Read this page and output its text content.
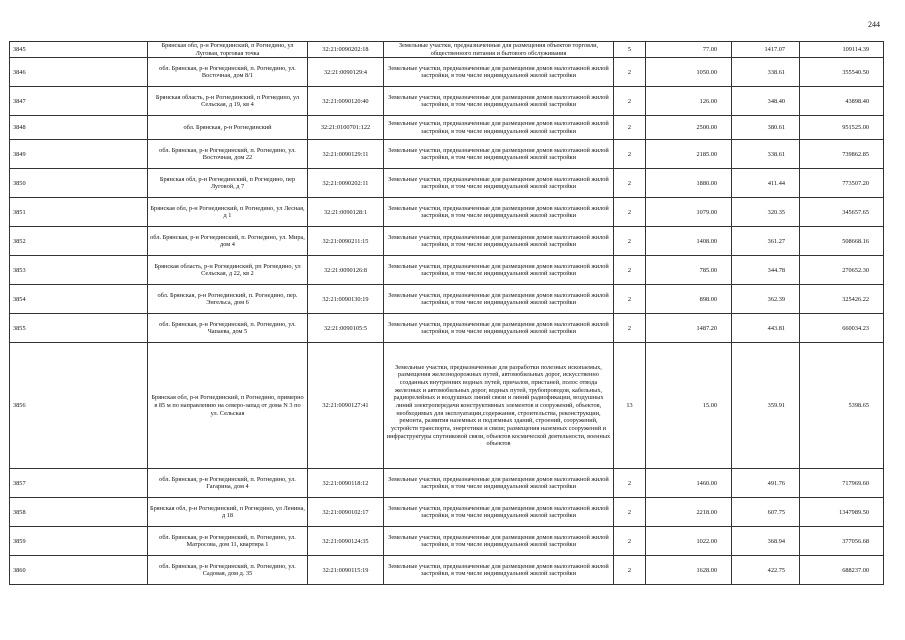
244
3845	Брянская обл, р-н Рогнединский, п Рогнедино, ул Луговая, торговая точка	32:21:0090202:18	Земельные участки, предназначенные для размещения объектов торговли, общественного питания и бытового обслуживания	5	77.00	1417.07	109114.39
3846	обл. Брянская, р-н Рогнединский, п. Рогнедино, ул. Восточная, дом 8/1	32:21:0090129:4	Земельные участки, предназначенные для размещения домов малоэтажной жилой застройки, в том числе индивидуальной жилой застройки	2	1050.00	338.61	355540.50
3847	Брянская область, р-н Рогнединский, п Рогнедино, ул Сельская, д 19, кв 4	32:21:0090120:40	Земельные участки, предназначенные для размещения домов малоэтажной жилой застройки, в том числе индивидуальной жилой застройки	2	126.00	348.40	43898.40
3848	обл. Брянская, р-н Рогнединский	32:21:0100701:122	Земельные участки, предназначенные для размещения домов малоэтажной жилой застройки, в том числе индивидуальной жилой застройки	2	2500.00	380.61	951525.00
3849	обл. Брянская, р-н Рогнединский, п. Рогнедино, ул. Восточная, дом 22	32:21:0090129:11	Земельные участки, предназначенные для размещения домов малоэтажной жилой застройки, в том числе индивидуальной жилой застройки	2	2185.00	338.61	739862.85
3850	Брянская обл, р-н Рогнединский, п Рогнедино, пер Луговой, д 7	32:21:0090202:11	Земельные участки, предназначенные для размещения домов малоэтажной жилой застройки, в том числе индивидуальной жилой застройки	2	1880.00	411.44	773507.20
3851	Брянская обл, р-н Рогнединский, п Рогнедино, ул Лесная, д 1	32:21:0090128:1	Земельные участки, предназначенные для размещения домов малоэтажной жилой застройки, в том числе индивидуальной жилой застройки	2	1079.00	320.35	345657.65
3852	обл. Брянская, р-н Рогнединский, п. Рогнедино, ул. Мира, дом 4	32:21:0090211:15	Земельные участки, предназначенные для размещения домов малоэтажной жилой застройки, в том числе индивидуальной жилой застройки	2	1408.00	361.27	508668.16
3853	Брянская область, р-н Рогнединский, рп Рогнедино, ул Сельская, д 22, кв 2	32:21:0090126:8	Земельные участки, предназначенные для размещения домов малоэтажной жилой застройки, в том числе индивидуальной жилой застройки	2	785.00	344.78	270652.30
3854	обл. Брянская, р-н Рогнединский, п. Рогнедино, пер. Энгельса, дом 6	32:21:0090130:19	Земельные участки, предназначенные для размещения домов малоэтажной жилой застройки, в том числе индивидуальной жилой застройки	2	898.00	362.39	325426.22
3855	обл. Брянская, р-н Рогнединский, п. Рогнедино, ул. Чапаева, дом 5	32:21:0090105:5	Земельные участки, предназначенные для размещения домов малоэтажной жилой застройки, в том числе индивидуальной жилой застройки	2	1487.20	443.81	660034.23
3856	Брянская обл, р-н Рогнединский, п Рогнедино, примерно в 85 м по направлению на северо-запад от дома N 3 по ул. Сельская	32:21:0090127:41	Земельные участки, предназначенные для разработки полезных ископаемых, размещения железнодорожных путей, автомобильных дорог, искусственно созданных внутренних водных путей, причалов, пристаней, полос отвода железных и автомобильных дорог, водных путей, трубопроводов, кабельных, радиорелейных и воздушных линий связи и линий радиофикации, воздушных линий электропередачи конструктивных элементов и сооружений, объектов, необходимых для эксплуатации,содержания, строительства, реконструкции, ремонта, развития наземных и подземных зданий, строений, сооружений, устройств транспорта, энергетики и связи; размещения наземных сооружений и инфраструктуры спутниковой связи, объектов космической деятельности, военных объектов	13	15.00	359.91	5398.65
3857	обл. Брянская, р-н Рогнединский, п. Рогнедино, ул. Гагарина, дом 4	32:21:0090118:12	Земельные участки, предназначенные для размещения домов малоэтажной жилой застройки, в том числе индивидуальной жилой застройки	2	1460.00	491.76	717969.60
3858	Брянская обл, р-н Рогнединский, п Рогнедино, ул Ленина, д 18	32:21:0090102:17	Земельные участки, предназначенные для размещения домов малоэтажной жилой застройки, в том числе индивидуальной жилой застройки	2	2218.00	607.75	1347989.50
3859	обл. Брянская, р-н Рогнединский, п. Рогнедино, ул. Матросова, дом 11, квартира 1	32:21:0090124:35	Земельные участки, предназначенные для размещения домов малоэтажной жилой застройки, в том числе индивидуальной жилой застройки	2	1022.00	368.94	377056.68
3860	обл. Брянская, р-н Рогнединский, п. Рогнедино, ул. Садовая, дом д. 35	32:21:0090115:19	Земельные участки, предназначенные для размещения домов малоэтажной жилой застройки, в том числе индивидуальной жилой застройки	2	1628.00	422.75	688237.00
